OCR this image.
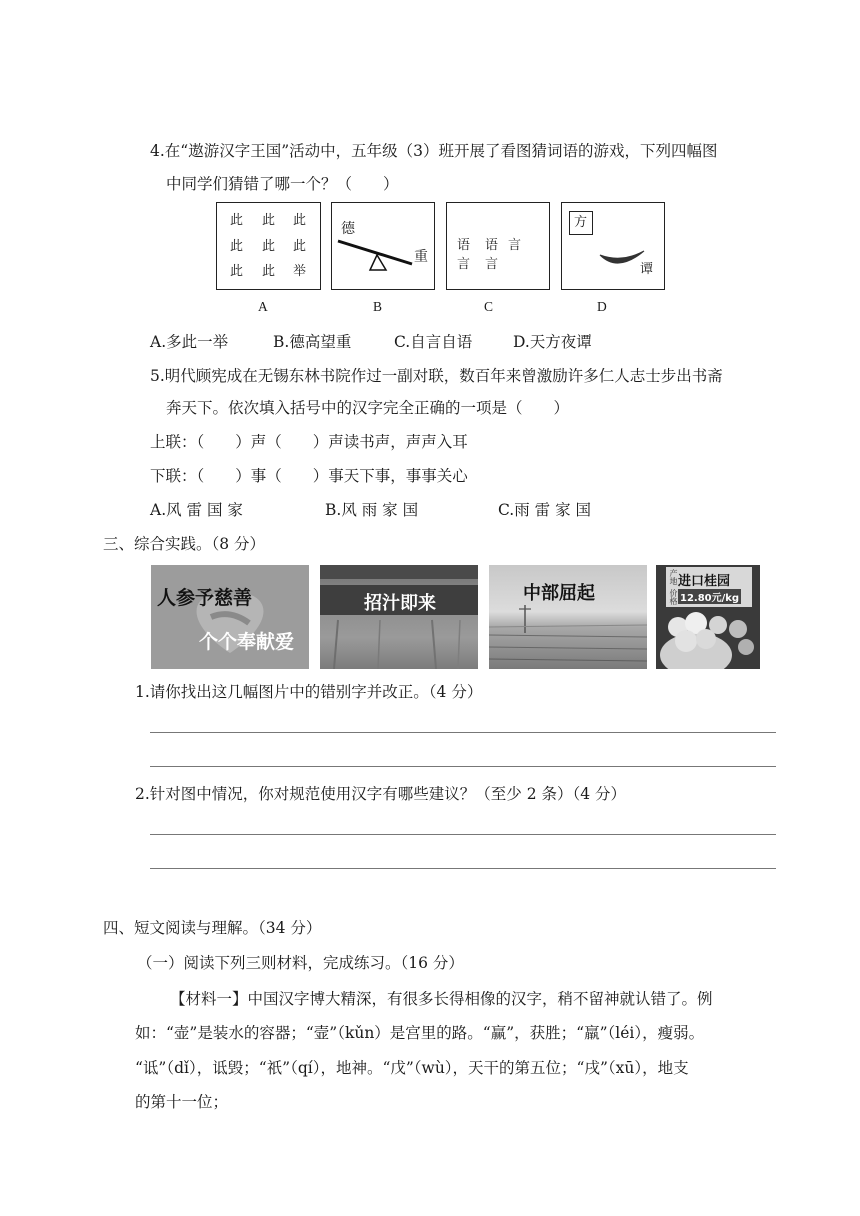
4.在“遨游汉字王国”活动中，五年级（3）班开展了看图猜词语的游戏，下列四幅图
中同学们猜错了哪一个？（　　）
此 此 此
此 此 此
此 此 举
A
德
重
B
语 语 言
言 言
C
方
谭
D
A.多此一举	B.德高望重	C.自言自语	D.天方夜谭
5.明代顾宪成在无锡东林书院作过一副对联，数百年来曾激励许多仁人志士步出书斋
奔天下。依次填入括号中的汉字完全正确的一项是（　　）
上联：（　　）声（　　）声读书声，声声入耳
下联：（　　）事（　　）事天下事，事事关心
A.风 雷 国 家	B.风 雨 家 国	C.雨 雷 家 国
三、综合实践。（8 分）
人参予慈善
个个奉献爱
招汁即来	中部屈起
产地
价格
进口桂园
12.80元/kg
1.请你找出这几幅图片中的错别字并改正。（4 分）
2.针对图中情况，你对规范使用汉字有哪些建议？（至少 2 条）（4 分）
四、短文阅读与理解。（34 分）
（一）阅读下列三则材料，完成练习。（16 分）
【材料一】中国汉字博大精深，有很多长得相像的汉字，稍不留神就认错了。例
如：“壶”是装水的容器；“壸”（kǔn）是宫里的路。“赢”，获胜；“羸”（léi），瘦弱。
“诋”（dǐ），诋毁；“祇”（qí），地神。“戊”（wù），天干的第五位；“戌”（xū），地支
的第十一位；
